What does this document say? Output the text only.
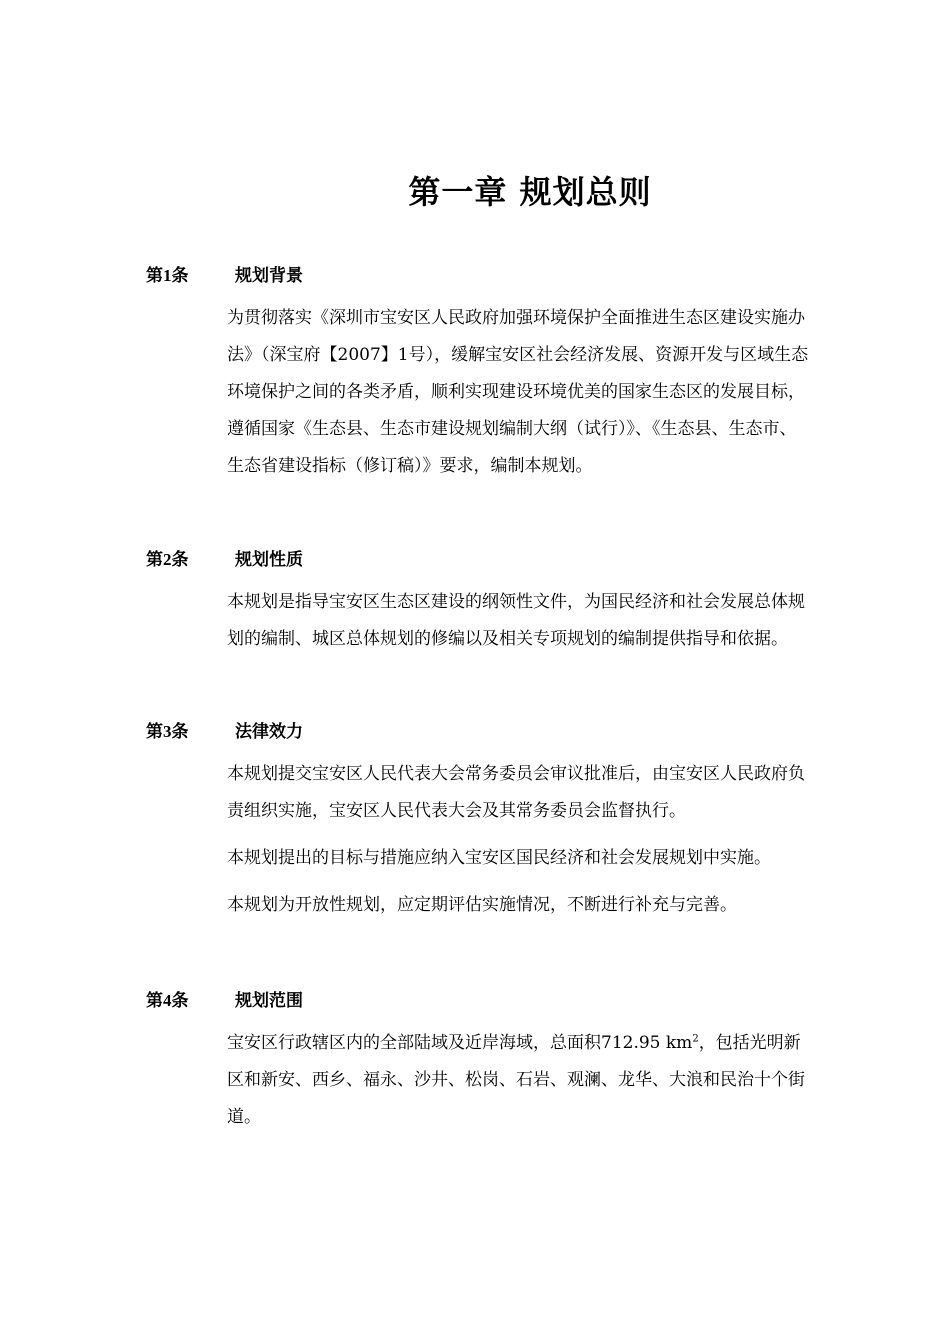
第一章 规划总则
第1条	规划背景

为贯彻落实《深圳市宝安区人民政府加强环境保护全面推进生态区建设实施办法》（深宝府【2007】1号），缓解宝安区社会经济发展、资源开发与区域生态环境保护之间的各类矛盾，顺利实现建设环境优美的国家生态区的发展目标，遵循国家《生态县、生态市建设规划编制大纲（试行）》、《生态县、生态市、生态省建设指标（修订稿）》要求，编制本规划。

第2条	规划性质

本规划是指导宝安区生态区建设的纲领性文件，为国民经济和社会发展总体规划的编制、城区总体规划的修编以及相关专项规划的编制提供指导和依据。

第3条	法律效力

本规划提交宝安区人民代表大会常务委员会审议批准后，由宝安区人民政府负责组织实施，宝安区人民代表大会及其常务委员会监督执行。

本规划提出的目标与措施应纳入宝安区国民经济和社会发展规划中实施。

本规划为开放性规划，应定期评估实施情况，不断进行补充与完善。

第4条	规划范围

宝安区行政辖区内的全部陆域及近岸海域，总面积712.95 $km^2$，包括光明新区和新安、西乡、福永、沙井、松岗、石岩、观澜、龙华、大浪和民治十个街道。
